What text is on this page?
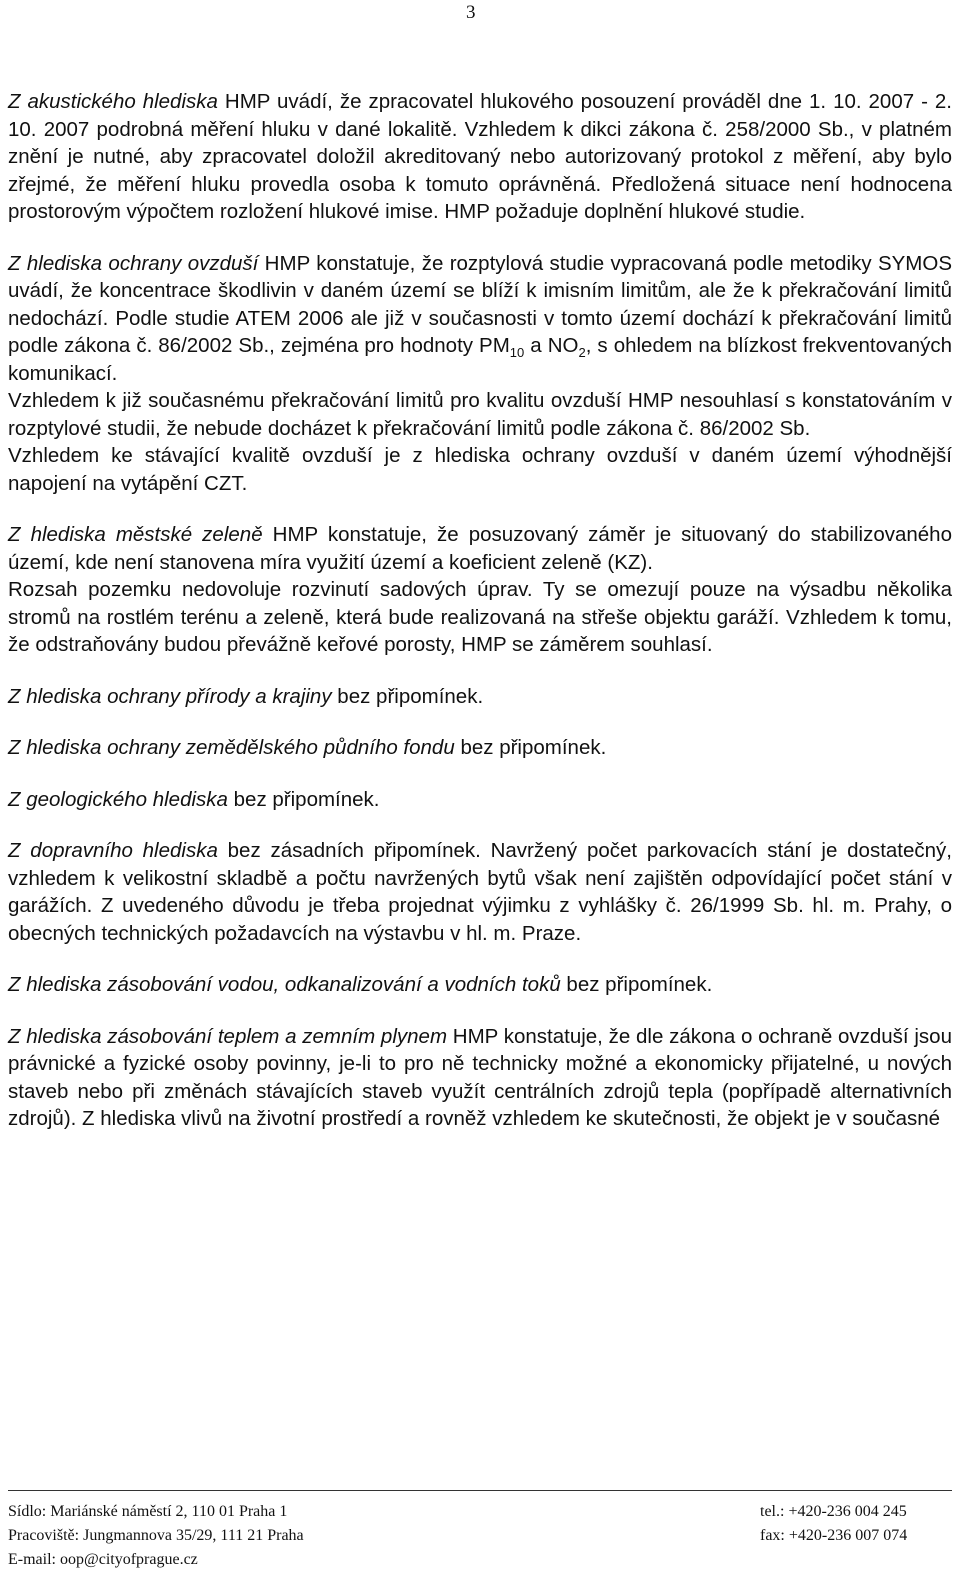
3

Z akustického hlediska HMP uvádí, že zpracovatel hlukového posouzení prováděl dne 1. 10. 2007 - 2. 10. 2007 podrobná měření hluku v dané lokalitě. Vzhledem k dikci zákona č. 258/2000 Sb., v platném znění je nutné, aby zpracovatel doložil akreditovaný nebo autorizovaný protokol z měření, aby bylo zřejmé, že měření hluku provedla osoba k tomuto oprávněná. Předložená situace není hodnocena prostorovým výpočtem rozložení hlukové imise. HMP požaduje doplnění hlukové studie.

Z hlediska ochrany ovzduší HMP konstatuje, že rozptylová studie vypracovaná podle metodiky SYMOS uvádí, že koncentrace škodlivin v daném území se blíží k imisním limitům, ale že k překračování limitů nedochází. Podle studie ATEM 2006 ale již v současnosti v tomto území dochází k překračování limitů podle zákona č. 86/2002 Sb., zejména pro hodnoty $PM_{10}$ a $NO_2$, s ohledem na blízkost frekventovaných komunikací.

Vzhledem k již současnému překračování limitů pro kvalitu ovzduší HMP nesouhlasí s konstatováním v rozptylové studii, že nebude docházet k překračování limitů podle zákona č. 86/2002 Sb.

Vzhledem ke stávající kvalitě ovzduší je z hlediska ochrany ovzduší v daném území výhodnější napojení na vytápění CZT.

Z hlediska městské zeleně HMP konstatuje, že posuzovaný záměr je situovaný do stabilizovaného území, kde není stanovena míra využití území a koeficient zeleně (KZ).

Rozsah pozemku nedovoluje rozvinutí sadových úprav. Ty se omezují pouze na výsadbu několika stromů na rostlém terénu a zeleně, která bude realizovaná na střeše objektu garáží. Vzhledem k tomu, že odstraňovány budou převážně keřové porosty, HMP se záměrem souhlasí.

Z hlediska ochrany přírody a krajiny bez připomínek.

Z hlediska ochrany zemědělského půdního fondu bez připomínek.

Z geologického hlediska bez připomínek.

Z dopravního hlediska bez zásadních připomínek. Navržený počet parkovacích stání je dostatečný, vzhledem k velikostní skladbě a počtu navržených bytů však není zajištěn odpovídající počet stání v garážích. Z uvedeného důvodu je třeba projednat výjimku z vyhlášky č. 26/1999 Sb. hl. m. Prahy, o obecných technických požadavcích na výstavbu v hl. m. Praze.

Z hlediska zásobování vodou, odkanalizování a vodních toků bez připomínek.

Z hlediska zásobování teplem a zemním plynem HMP konstatuje, že dle zákona o ochraně ovzduší jsou právnické a fyzické osoby povinny, je-li to pro ně technicky možné a ekonomicky přijatelné, u nových staveb nebo při změnách stávajících staveb využít centrálních zdrojů tepla (popřípadě alternativních zdrojů). Z hlediska vlivů na životní prostředí a rovněž vzhledem ke skutečnosti, že objekt je v současné

Sídlo: Mariánské náměstí 2, 110 01 Praha 1
Pracoviště: Jungmannova 35/29, 111 21 Praha
E-mail: oop@cityofprague.cz
tel.: +420-236 004 245
fax: +420-236 007 074
